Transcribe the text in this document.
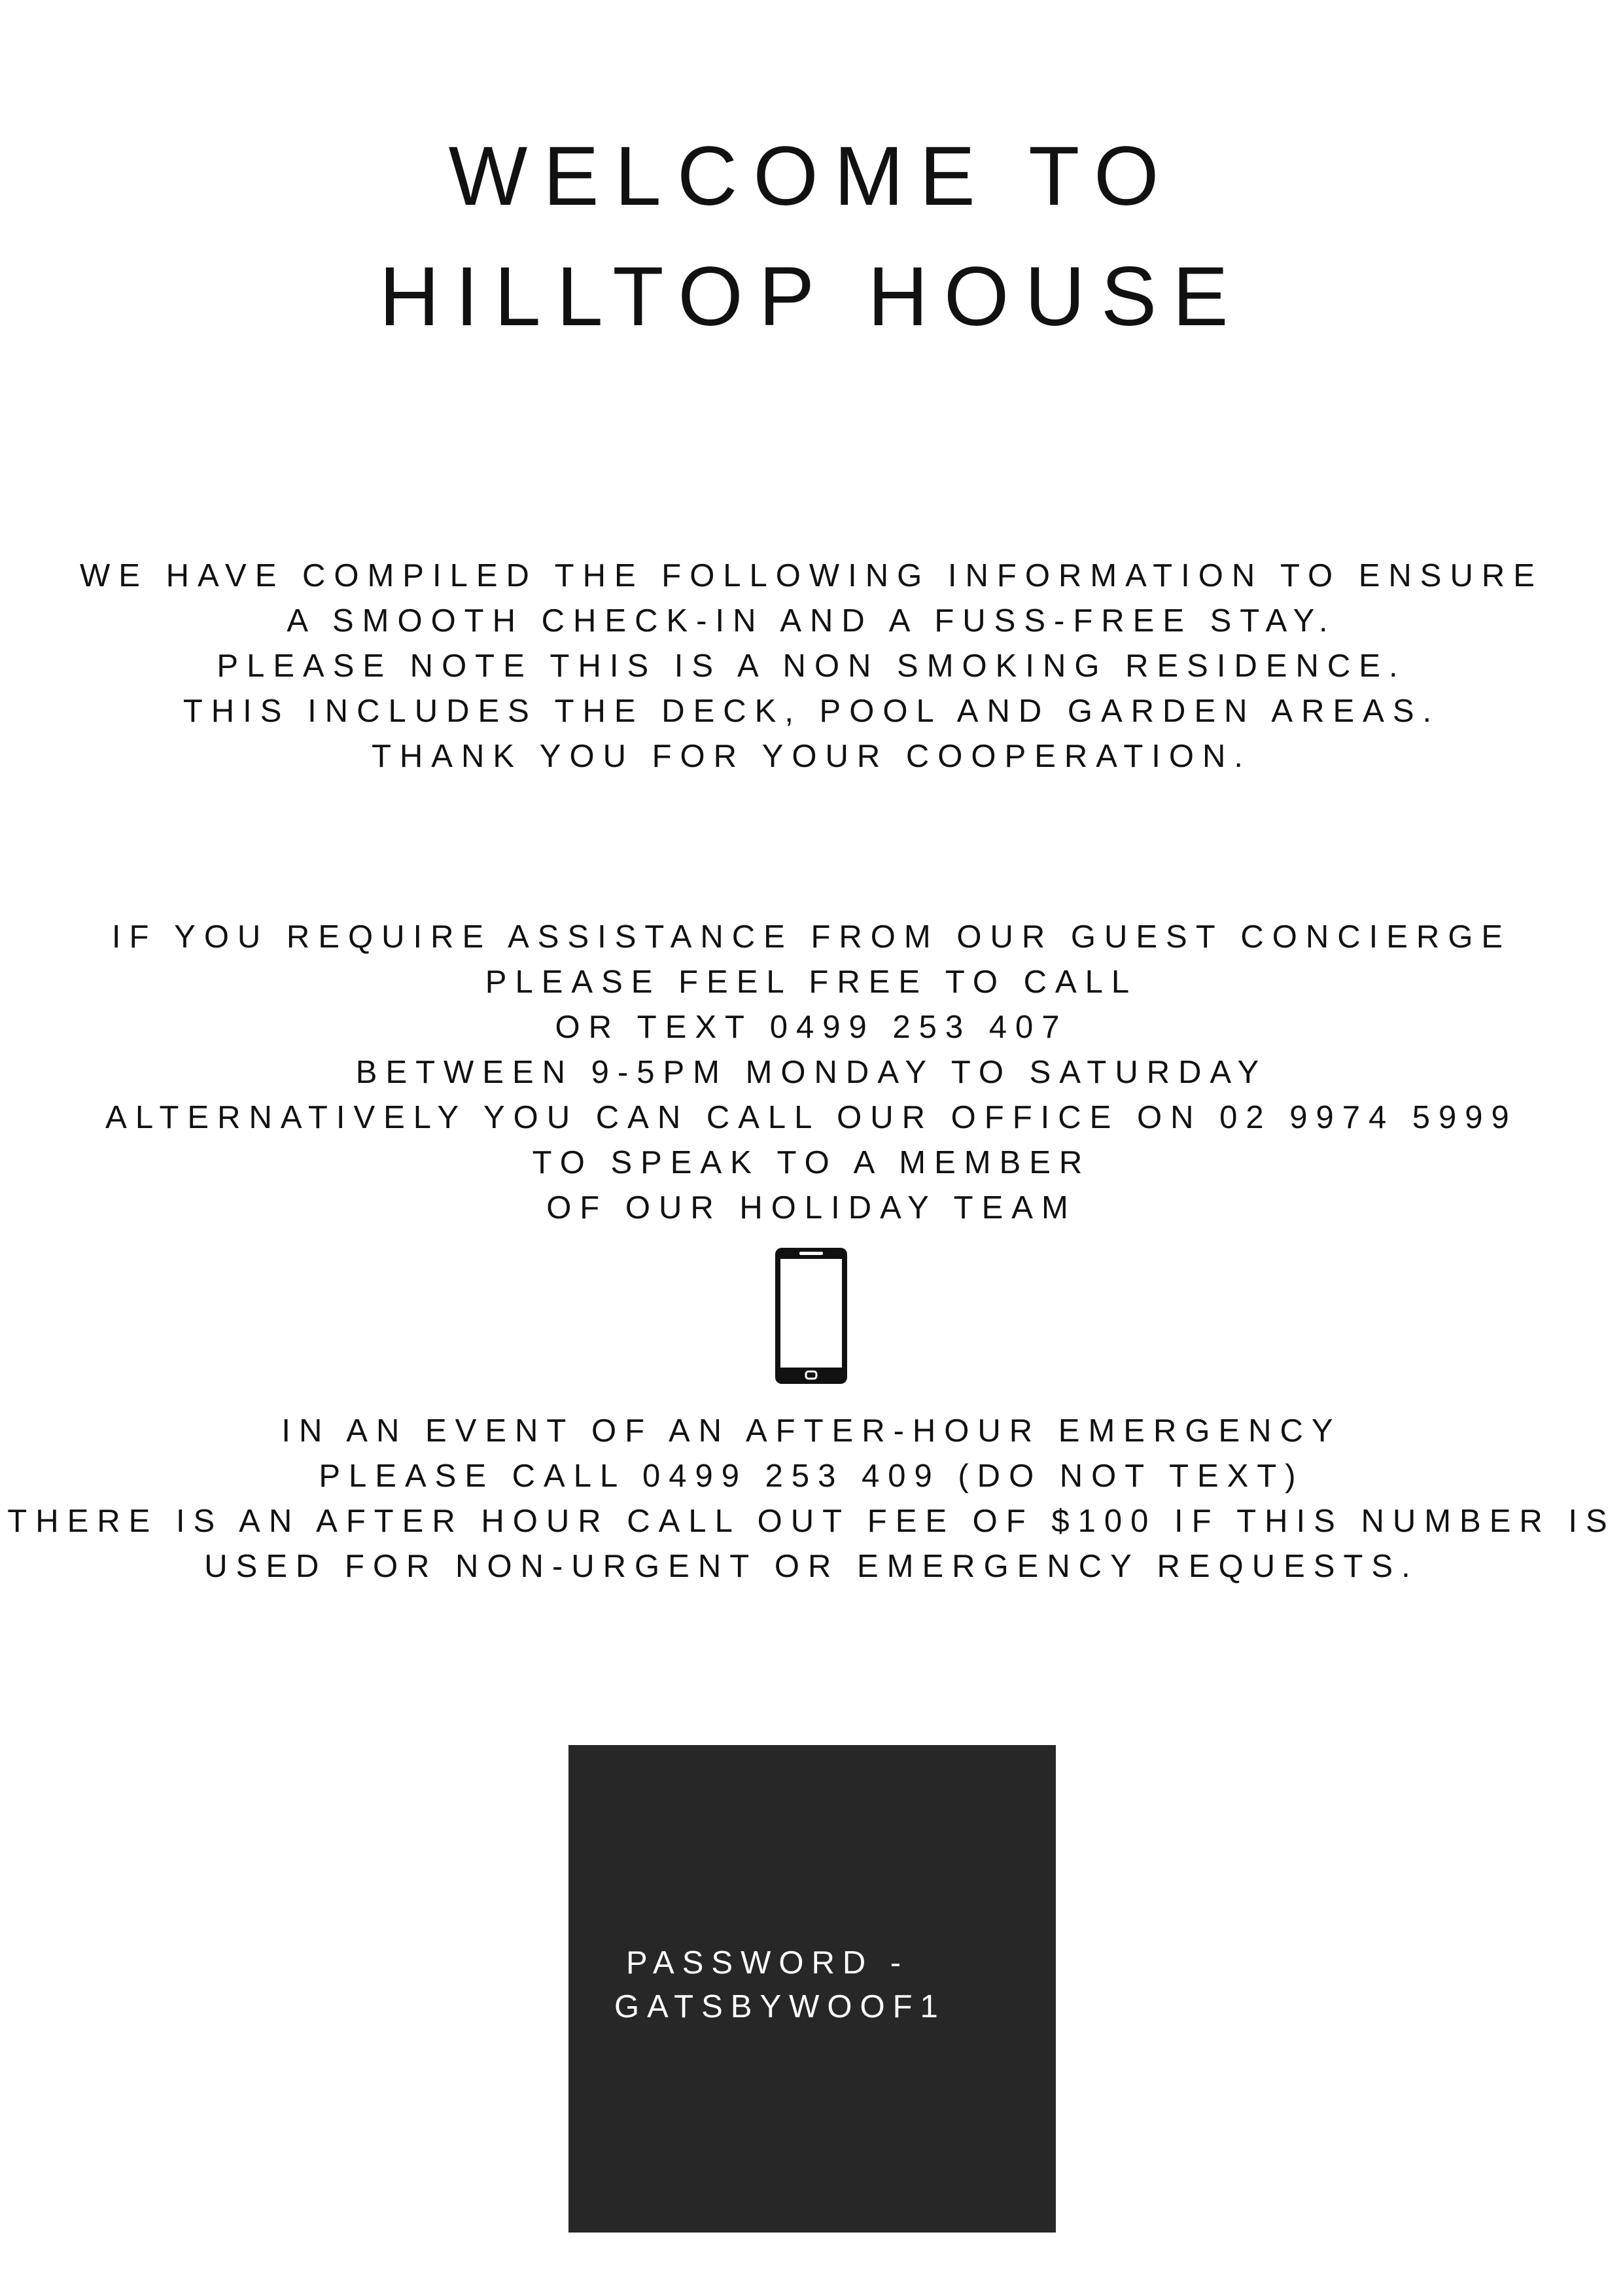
WELCOME TO
HILLTOP HOUSE
WE HAVE COMPILED THE FOLLOWING INFORMATION TO ENSURE
A SMOOTH CHECK-IN AND A FUSS-FREE STAY.
PLEASE NOTE THIS IS A NON SMOKING RESIDENCE.
THIS INCLUDES THE DECK, POOL AND GARDEN AREAS.
THANK YOU FOR YOUR COOPERATION.
IF YOU REQUIRE ASSISTANCE FROM OUR GUEST CONCIERGE
PLEASE FEEL FREE TO CALL
OR TEXT 0499 253 407
BETWEEN 9-5PM MONDAY TO SATURDAY
ALTERNATIVELY YOU CAN CALL OUR OFFICE ON 02 9974 5999
TO SPEAK TO A MEMBER
OF OUR HOLIDAY TEAM
IN AN EVENT OF AN AFTER-HOUR EMERGENCY
PLEASE CALL 0499 253 409 (DO NOT TEXT)
THERE IS AN AFTER HOUR CALL OUT FEE OF $100 IF THIS NUMBER IS
USED FOR NON-URGENT OR EMERGENCY REQUESTS.
PASSWORD -
GATSBYWOOF1
